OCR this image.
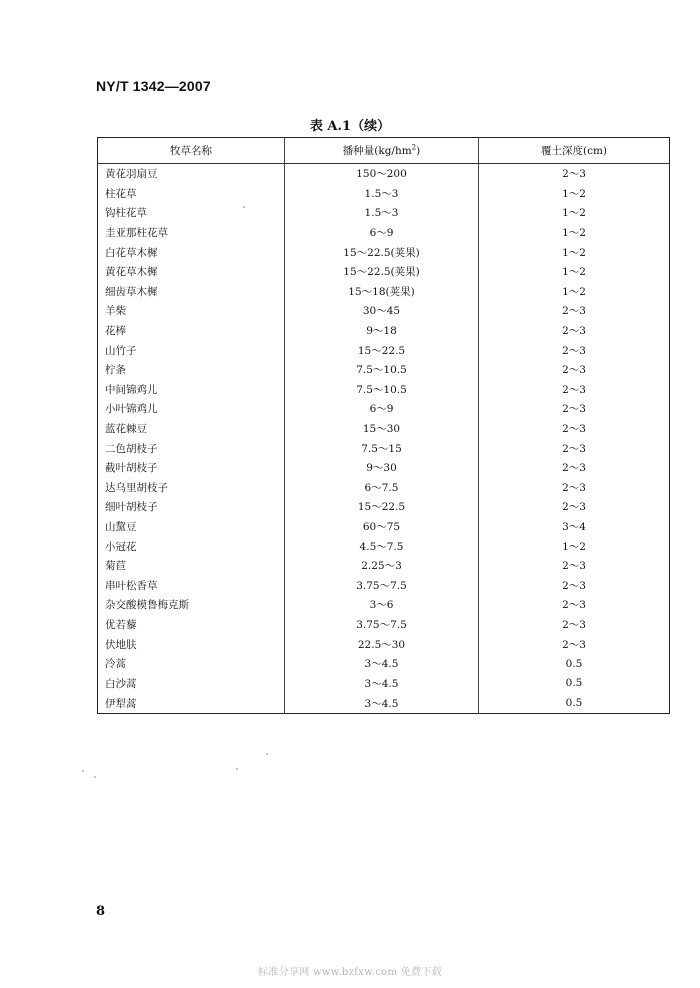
NY/T 1342—2007
表 A.1（续）
牧草名称	播种量$(kg/hm^2)$	覆土深度(cm)
黄花羽扇豆	150～200	2～3
柱花草	1.5～3	1～2
钩柱花草	1.5～3	1～2
圭亚那柱花草	6～9	1～2
白花草木樨	15～22.5(荚果)	1～2
黄花草木樨	15～22.5(荚果)	1～2
细齿草木樨	15～18(荚果)	1～2
羊柴	30～45	2～3
花棒	9～18	2～3
山竹子	15～22.5	2～3
柠条	7.5～10.5	2～3
中间锦鸡儿	7.5～10.5	2～3
小叶锦鸡儿	6～9	2～3
蓝花棘豆	15～30	2～3
二色胡枝子	7.5～15	2～3
截叶胡枝子	9～30	2～3
达乌里胡枝子	6～7.5	2～3
细叶胡枝子	15～22.5	2～3
山黧豆	60～75	3～4
小冠花	4.5～7.5	1～2
菊苣	2.25～3	2～3
串叶松香草	3.75～7.5	2～3
杂交酸模鲁梅克斯	3～6	2～3
优若藜	3.75～7.5	2～3
伏地肤	22.5～30	2～3
冷蒿	3～4.5	0.5
白沙蒿	3～4.5	0.5
伊犁蒿	3～4.5	0.5
8
标准分享网 www.bzfxw.com 免费下载
